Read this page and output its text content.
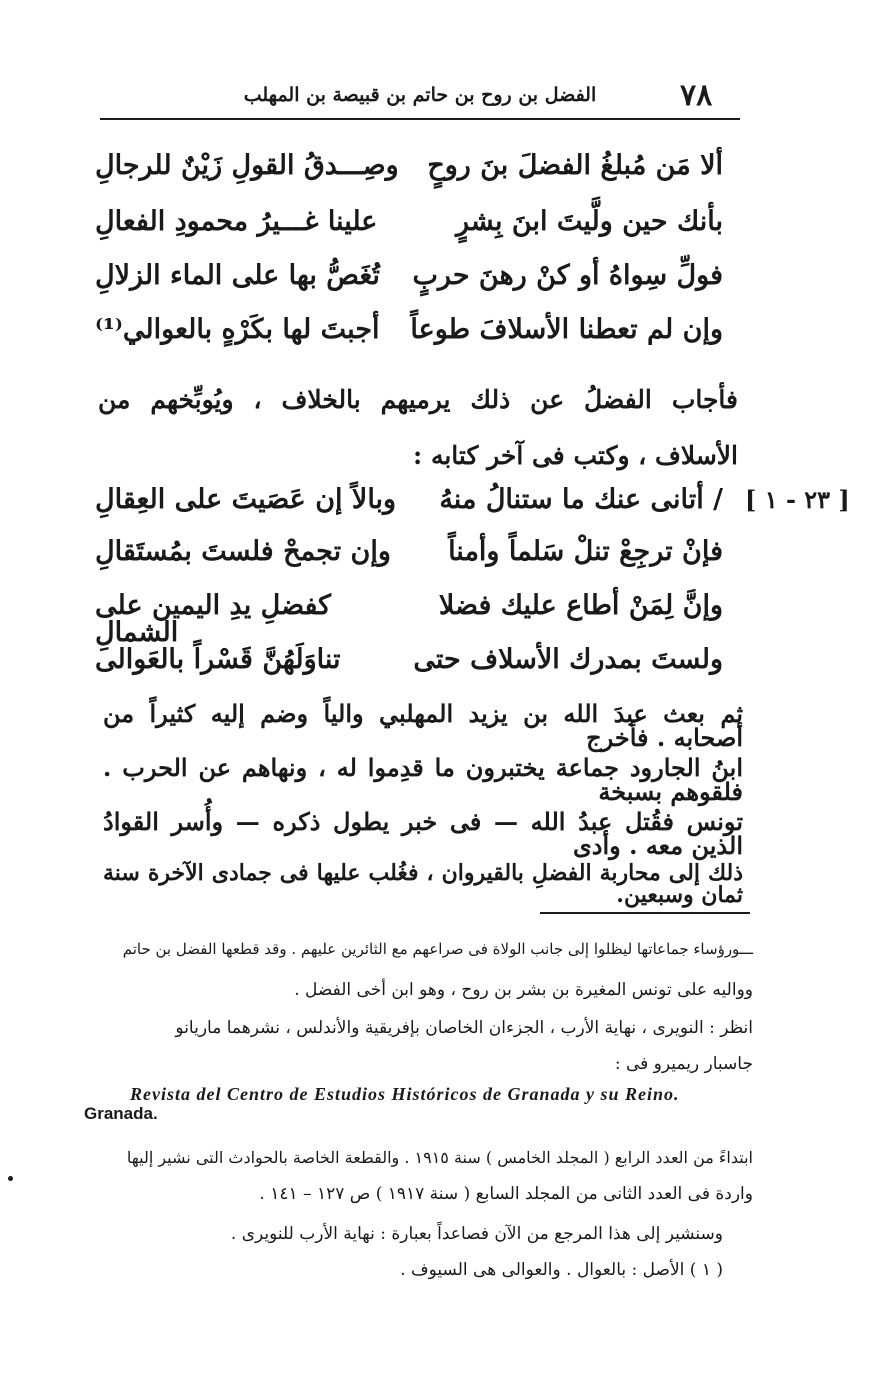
٧٨
الفضل بن روح بن حاتم بن قبيصة بن المهلب
ألا مَن مُبلغُ الفضلَ بنَ روحٍ
وصِـــدقُ القولِ زَيْنٌ للرجالِ
بأنك حين ولَّيتَ ابنَ بِشرٍ
علينا غـــيرُ محمودِ الفعالِ
فولِّ سِواهُ أو كنْ رهنَ حربٍ
تُغَصُّ بها على الماء الزلالِ
وإن لم تعطنا الأسلافَ طوعاً
أجبتَ لها بكَرْهٍ بالعوالي⁽¹⁾
فأجاب الفضلُ عن ذلك يرميهم بالخلاف ، ويُوبِّخهم من الأسلاف ، وكتب فى آخر كتابه :
[ ٢٣ - ١ ]
/ أتانى عنك ما ستنالُ منهُ
وبالاً إن عَصَيتَ على العِقالِ
فإنْ ترجِعْ تنلْ سَلماً وأمناً
وإن تجمحْ فلستَ بمُستَقالِ
وإنَّ لِمَنْ أطاع عليك فضلا
كفضلِ يدِ اليمين على الشمالِ
ولستَ بمدرك الأسلاف حتى
تناوَلَهُنَّ قَسْراً بالعَوالى
ثم بعث عبدَ الله بن يزيد المهلبي والياً وضم إليه كثيراً من أصحابه . فأخرج
ابنُ الجارود جماعة يختبرون ما قدِموا له ، ونهاهم عن الحرب . فلقوهم بسبخة
تونس فقُتل عبدُ الله — فى خبر يطول ذكره — وأُسر القوادُ الذين معه . وأدى
ذلك إلى محاربة الفضلِ بالقيروان ، فغُلب عليها فى جمادى الآخرة سنة ثمان وسبعين.
ـــورؤساء جماعاتها ليظلوا إلى جانب الولاة فى صراعهم مع الثائرين عليهم . وقد قطعها الفضل بن حاتم
وواليه على تونس المغيرة بن بشر بن روح ، وهو ابن أخى الفضل .
انظر : النويرى ، نهاية الأرب ، الجزءان الخاصان بإفريقية والأندلس ، نشرهما ماريانو
جاسبار ريميرو فى :
Revista del Centro de Estudios Históricos de Granada y su Reino.
Granada.
ابتداءً من العدد الرابع ( المجلد الخامس ) سنة ١٩١٥ . والقطعة الخاصة بالحوادث التى نشير إليها
واردة فى العدد الثانى من المجلد السابع ( سنة ١٩١٧ ) ص ١٢٧ – ١٤١ .
وسنشير إلى هذا المرجع من الآن فصاعداً بعبارة : نهاية الأرب للنويرى .
( ١ ) الأصل : بالعوال . والعوالى هى السيوف .
